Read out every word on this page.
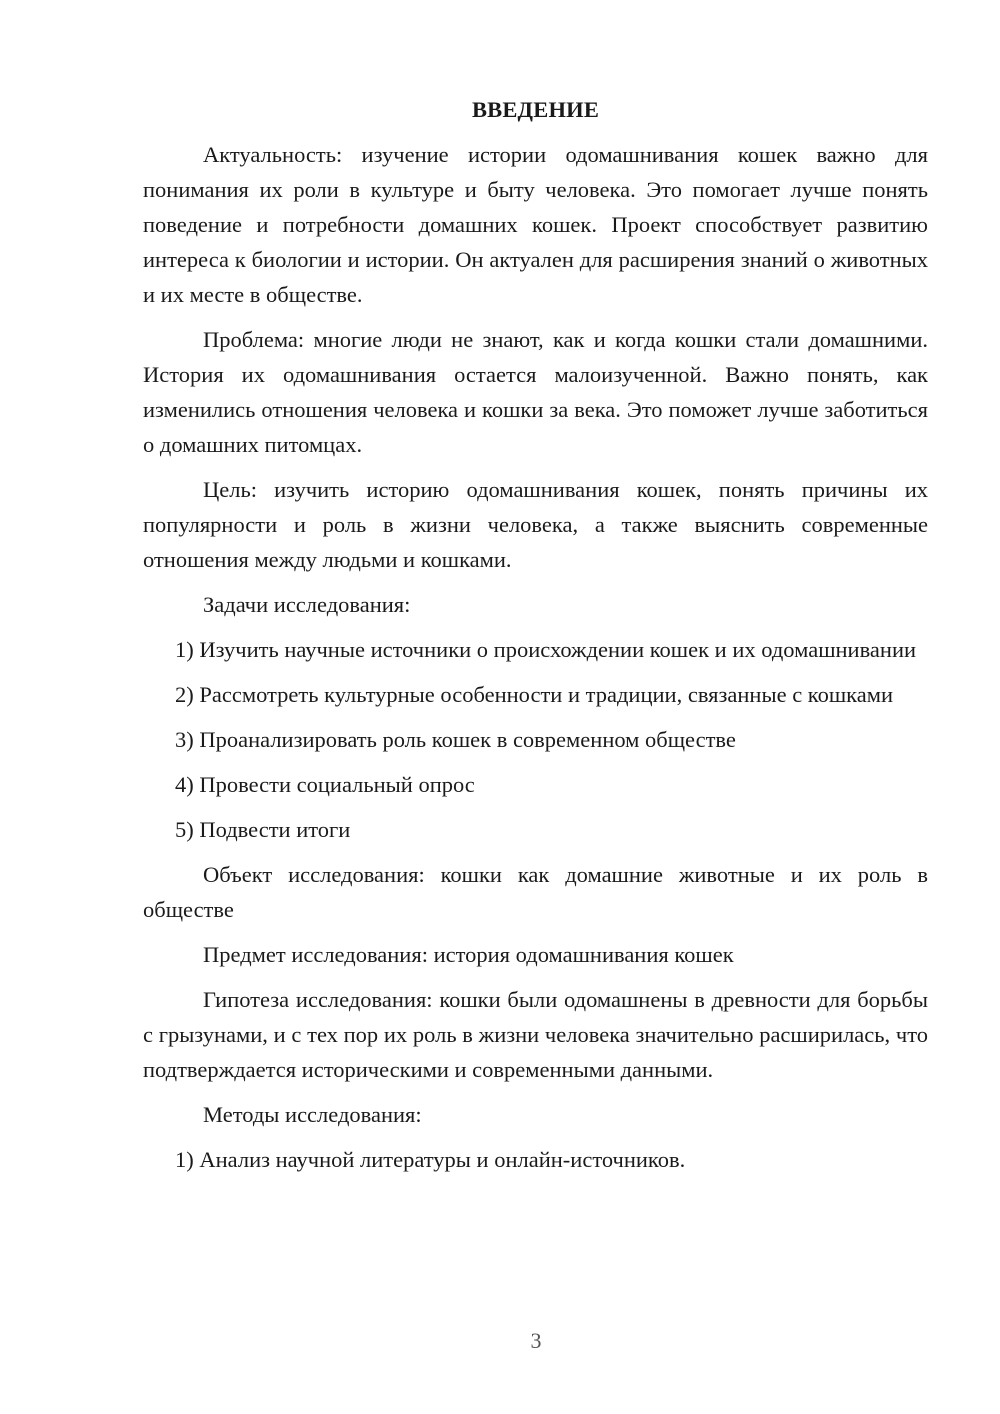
ВВЕДЕНИЕ

Актуальность: изучение истории одомашнивания кошек важно для понимания их роли в культуре и быту человека. Это помогает лучше понять поведение и потребности домашних кошек. Проект способствует развитию интереса к биологии и истории. Он актуален для расширения знаний о животных и их месте в обществе.

Проблема: многие люди не знают, как и когда кошки стали домашними. История их одомашнивания остается малоизученной. Важно понять, как изменились отношения человека и кошки за века. Это поможет лучше заботиться о домашних питомцах.

Цель: изучить историю одомашнивания кошек, понять причины их популярности и роль в жизни человека, а также выяснить современные отношения между людьми и кошками.

Задачи исследования:

1) Изучить научные источники о происхождении кошек и их одомашнивании

2) Рассмотреть культурные особенности и традиции, связанные с кошками

3) Проанализировать роль кошек в современном обществе

4) Провести социальный опрос

5) Подвести итоги

Объект исследования: кошки как домашние животные и их роль в обществе

Предмет исследования: история одомашнивания кошек

Гипотеза исследования: кошки были одомашнены в древности для борьбы с грызунами, и с тех пор их роль в жизни человека значительно расширилась, что подтверждается историческими и современными данными.

Методы исследования:

1) Анализ научной литературы и онлайн-источников.

3
